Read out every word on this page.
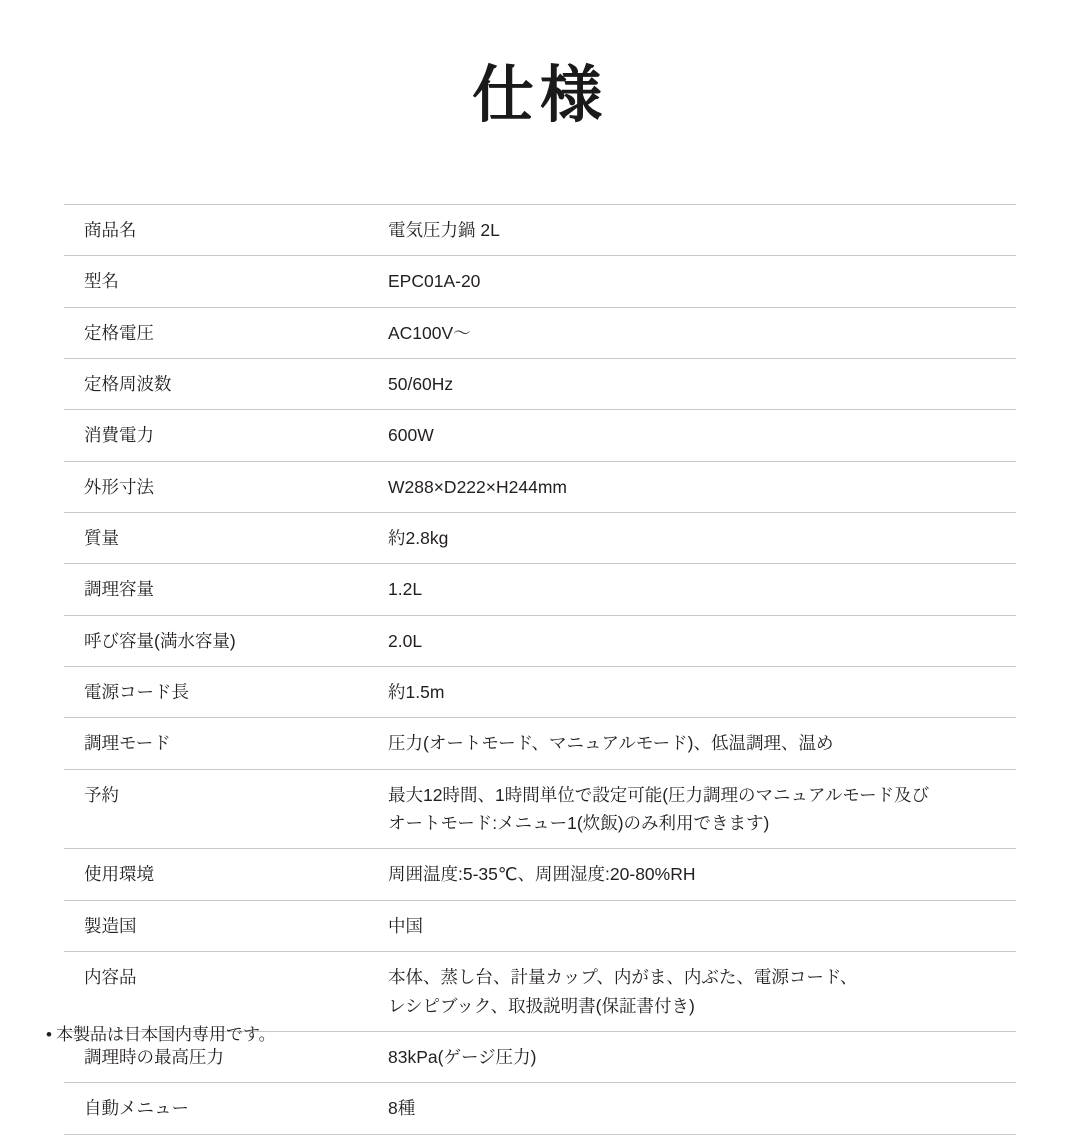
仕様
商品名	電気圧力鍋 2L

型名	EPC01A-20

定格電圧	AC100V〜

定格周波数	50/60Hz

消費電力	600W

外形寸法	W288×D222×H244mm

質量	約2.8kg

調理容量	1.2L

呼び容量(満水容量)	2.0L

電源コード長	約1.5m

調理モード	圧力(オートモード、マニュアルモード)、低温調理、温め

予約	最大12時間、1時間単位で設定可能(圧力調理のマニュアルモード及び
オートモード:メニュー1(炊飯)のみ利用できます)

使用環境	周囲温度:5-35℃、周囲湿度:20-80%RH

製造国	中国

内容品	本体、蒸し台、計量カップ、内がま、内ぶた、電源コード、
レシピブック、取扱説明書(保証書付き)

調理時の最高圧力	83kPa(ゲージ圧力)

自動メニュー	8種
• 本製品は日本国内専用です。
